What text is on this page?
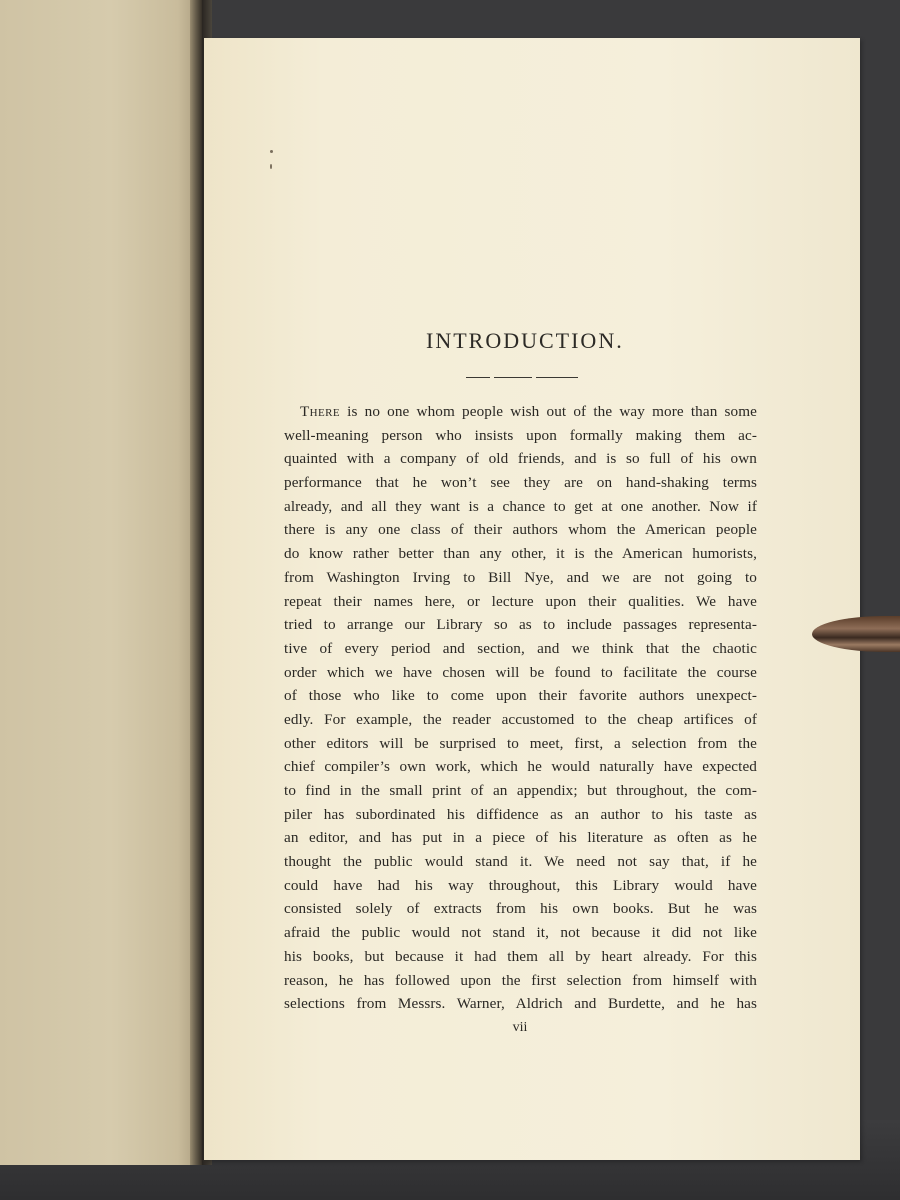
INTRODUCTION.
There is no one whom people wish out of the way more than some
well-meaning person who insists upon formally making them ac-
quainted with a company of old friends, and is so full of his own
performance that he won’t see they are on hand-shaking terms
already, and all they want is a chance to get at one another. Now if
there is any one class of their authors whom the American people
do know rather better than any other, it is the American humorists,
from Washington Irving to Bill Nye, and we are not going to
repeat their names here, or lecture upon their qualities. We have
tried to arrange our Library so as to include passages representa-
tive of every period and section, and we think that the chaotic
order which we have chosen will be found to facilitate the course
of those who like to come upon their favorite authors unexpect-
edly. For example, the reader accustomed to the cheap artifices of
other editors will be surprised to meet, first, a selection from the
chief compiler’s own work, which he would naturally have expected
to find in the small print of an appendix; but throughout, the com-
piler has subordinated his diffidence as an author to his taste as
an editor, and has put in a piece of his literature as often as he
thought the public would stand it. We need not say that, if he
could have had his way throughout, this Library would have
consisted solely of extracts from his own books. But he was
afraid the public would not stand it, not because it did not like
his books, but because it had them all by heart already. For this
reason, he has followed upon the first selection from himself with
selections from Messrs. Warner, Aldrich and Burdette, and he has
vii
